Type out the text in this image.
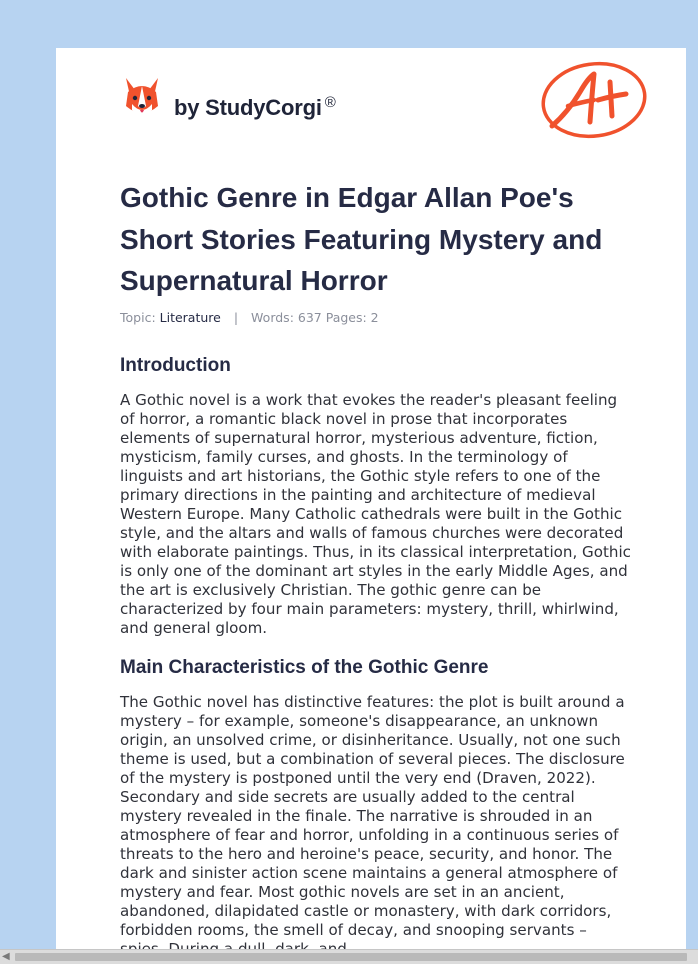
by StudyCorgi ®
Gothic Genre in Edgar Allan Poe's Short Stories Featuring Mystery and Supernatural Horror
Topic: Literature | Words: 637 Pages: 2
Introduction

A Gothic novel is a work that evokes the reader's pleasant feeling of horror, a romantic black novel in prose that incorporates elements of supernatural horror, mysterious adventure, fiction, mysticism, family curses, and ghosts. In the terminology of linguists and art historians, the Gothic style refers to one of the primary directions in the painting and architecture of medieval Western Europe. Many Catholic cathedrals were built in the Gothic style, and the altars and walls of famous churches were decorated with elaborate paintings. Thus, in its classical interpretation, Gothic is only one of the dominant art styles in the early Middle Ages, and the art is exclusively Christian. The gothic genre can be characterized by four main parameters: mystery, thrill, whirlwind, and general gloom.

Main Characteristics of the Gothic Genre

The Gothic novel has distinctive features: the plot is built around a mystery – for example, someone's disappearance, an unknown origin, an unsolved crime, or disinheritance. Usually, not one such theme is used, but a combination of several pieces. The disclosure of the mystery is postponed until the very end (Draven, 2022). Secondary and side secrets are usually added to the central mystery revealed in the finale. The narrative is shrouded in an atmosphere of fear and horror, unfolding in a continuous series of threats to the hero and heroine's peace, security, and honor. The dark and sinister action scene maintains a general atmosphere of mystery and fear. Most gothic novels are set in an ancient, abandoned, dilapidated castle or monastery, with dark corridors, forbidden rooms, the smell of decay, and snooping servants –

◀
